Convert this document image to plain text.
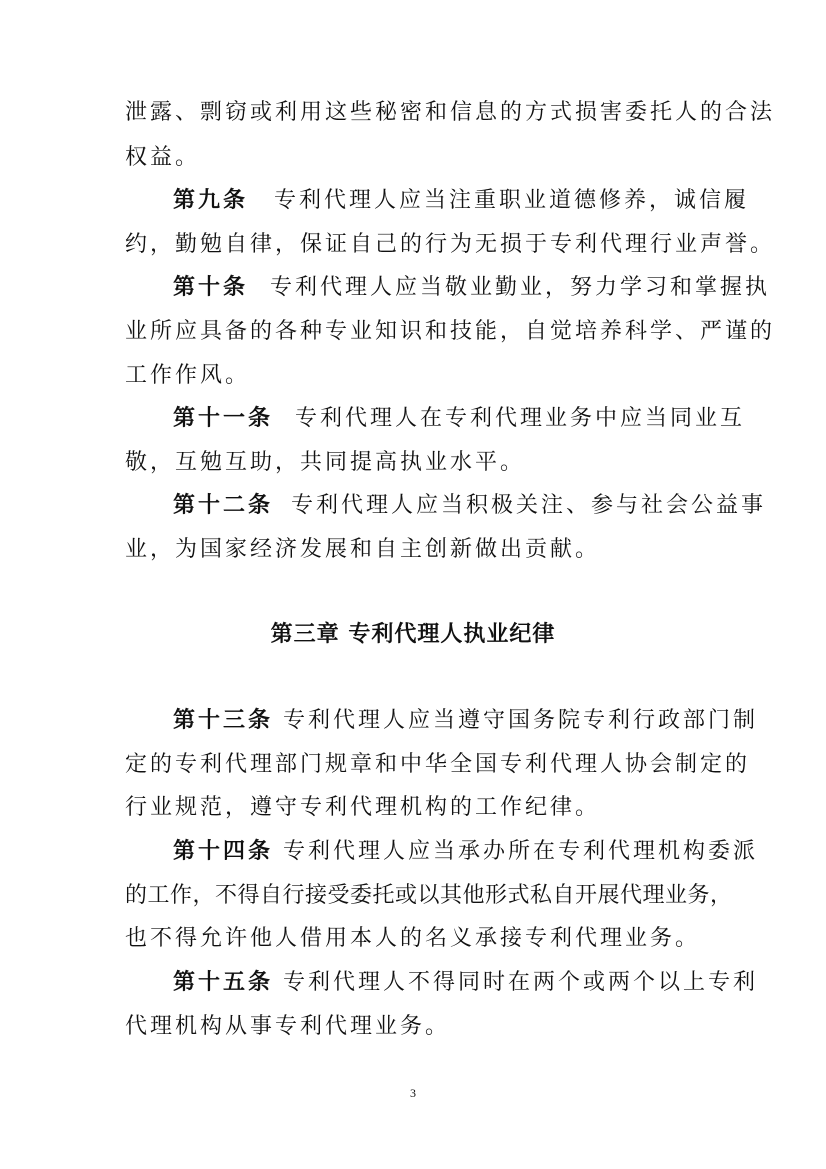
泄露、剽窃或利用这些秘密和信息的方式损害委托人的合法
权益。
第九条 专利代理人应当注重职业道德修养，诚信履
约，勤勉自律，保证自己的行为无损于专利代理行业声誉。
第十条 专利代理人应当敬业勤业，努力学习和掌握执
业所应具备的各种专业知识和技能，自觉培养科学、严谨的
工作作风。
第十一条 专利代理人在专利代理业务中应当同业互
敬，互勉互助，共同提高执业水平。
第十二条 专利代理人应当积极关注、参与社会公益事
业，为国家经济发展和自主创新做出贡献。
第三章 专利代理人执业纪律
第十三条 专利代理人应当遵守国务院专利行政部门制
定的专利代理部门规章和中华全国专利代理人协会制定的
行业规范，遵守专利代理机构的工作纪律。
第十四条 专利代理人应当承办所在专利代理机构委派
的工作，不得自行接受委托或以其他形式私自开展代理业务，
也不得允许他人借用本人的名义承接专利代理业务。
第十五条 专利代理人不得同时在两个或两个以上专利
代理机构从事专利代理业务。
3
